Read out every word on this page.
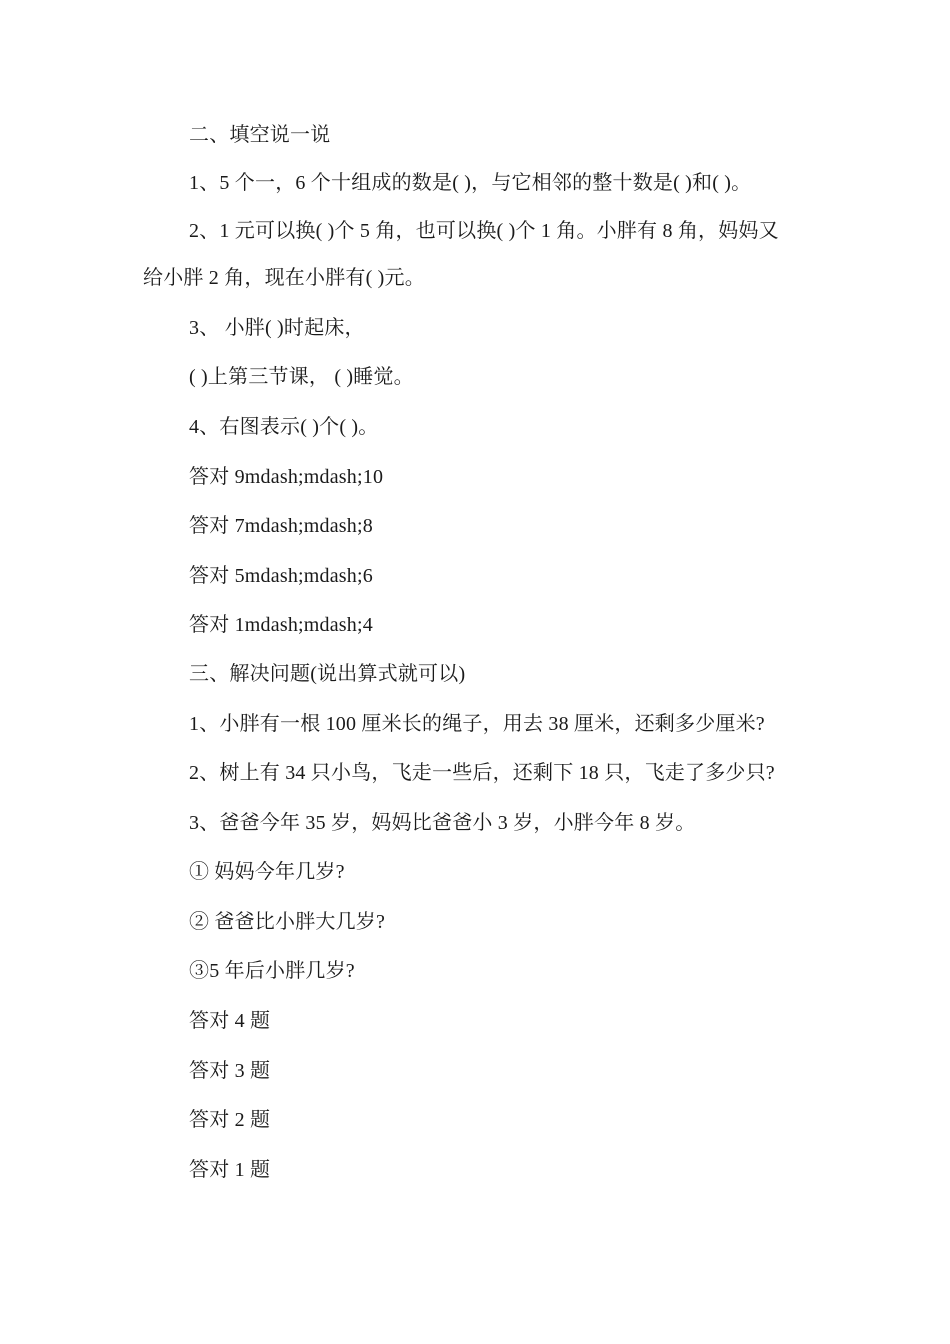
二、填空说一说
1、5 个一，6 个十组成的数是( )，与它相邻的整十数是( )和( )。
2、1 元可以换( )个 5 角，也可以换( )个 1 角。小胖有 8 角，妈妈又
给小胖 2 角，现在小胖有( )元。
3、 小胖( )时起床，
( )上第三节课， ( )睡觉。
4、右图表示( )个( )。
答对 9mdash;mdash;10
答对 7mdash;mdash;8
答对 5mdash;mdash;6
答对 1mdash;mdash;4
三、解决问题(说出算式就可以)
1、小胖有一根 100 厘米长的绳子，用去 38 厘米，还剩多少厘米?
2、树上有 34 只小鸟，飞走一些后，还剩下 18 只，飞走了多少只?
3、爸爸今年 35 岁，妈妈比爸爸小 3 岁，小胖今年 8 岁。
① 妈妈今年几岁?
② 爸爸比小胖大几岁?
③5 年后小胖几岁?
答对 4 题
答对 3 题
答对 2 题
答对 1 题
